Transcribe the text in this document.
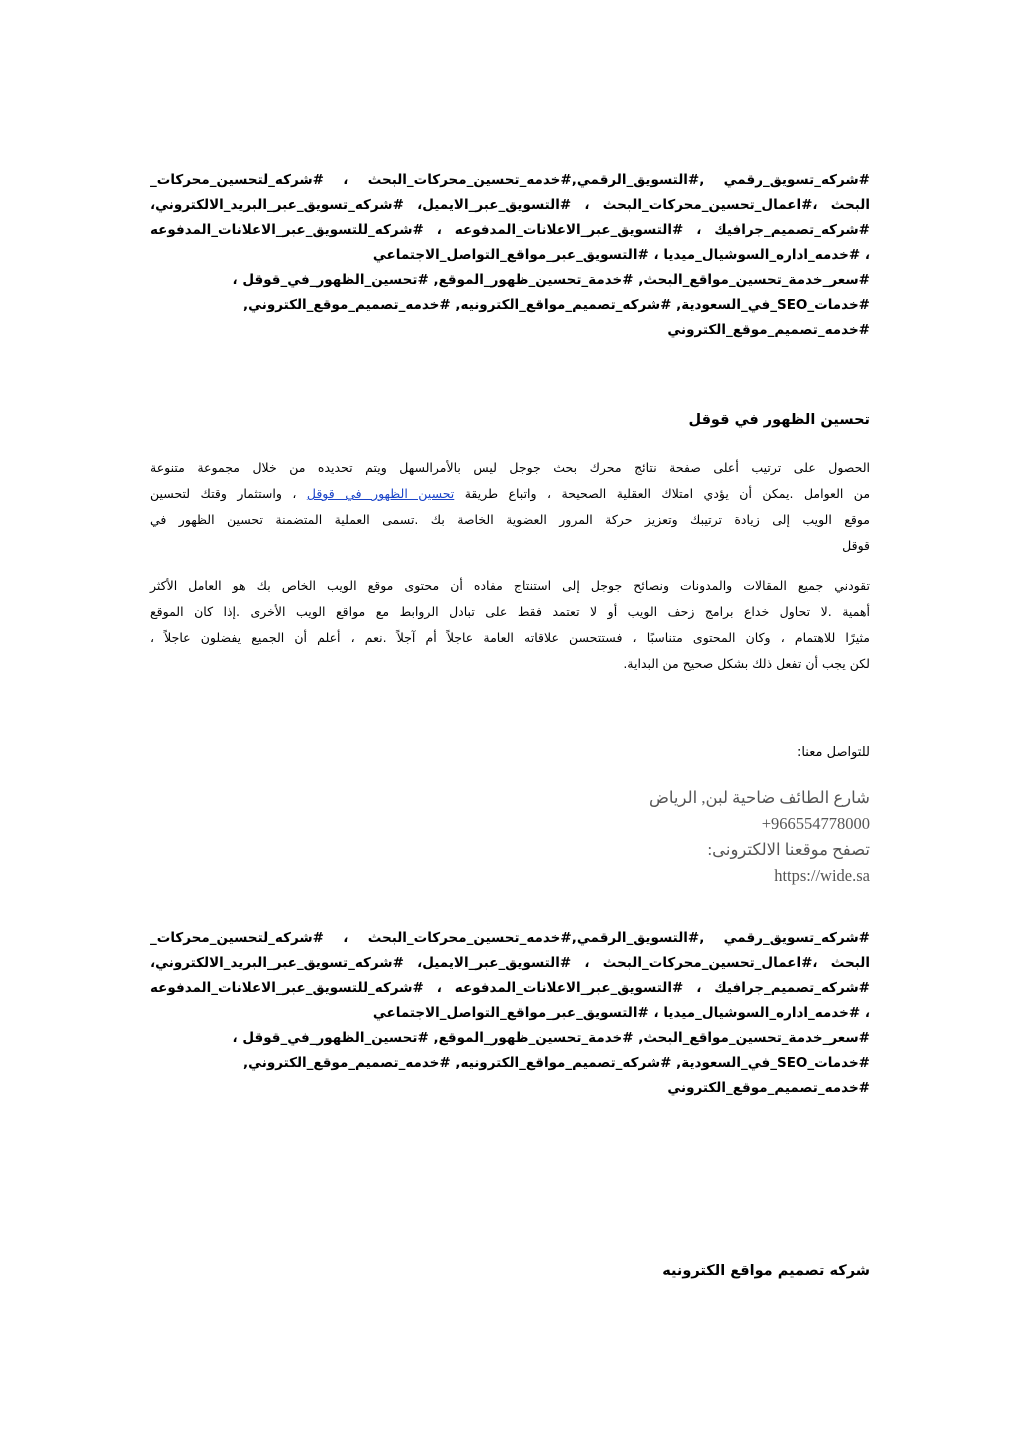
#شركه_تسويق_رقمي ,#التسويق_الرقمي,#خدمه_تحسين_محركات_البحث ، #شركه_لتحسين_محركات_
البحث ،#اعمال_تحسين_محركات_البحث ، #التسويق_عبر_الايميل، #شركه_تسويق_عبر_البريد_الالكتروني،
#شركه_تصميم_جرافيك ، #التسويق_عبر_الاعلانات_المدفوعه ، #شركه_للتسويق_عبر_الاعلانات_المدفوعه
، #خدمه_اداره_السوشيال_ميديا ، #التسويق_عبر_مواقع_التواصل_الاجتماعي
#سعر_خدمة_تحسين_مواقع_البحث, #خدمة_تحسين_ظهور_الموقع, #تحسين_الظهور_في_قوقل ،
#خدمات_SEO_في_السعودية, #شركه_تصميم_مواقع_الكترونيه, #خدمه_تصميم_موقع_الكتروني,
#خدمه_تصميم_موقع_الكتروني
تحسين الظهور في قوقل
الحصول على ترتيب أعلى صفحة نتائج محرك بحث جوجل ليس بالأمرالسهل ويتم تحديده من خلال مجموعة متنوعة
من العوامل .يمكن أن يؤدي امتلاك العقلية الصحيحة ، واتباع طريقة تحسين الظهور في قوقل ، واستثمار وقتك لتحسين
موقع الويب إلى زيادة ترتيبك وتعزيز حركة المرور العضوية الخاصة بك .تسمى العملية المتضمنة تحسين الظهور في
قوقل
تقودني جميع المقالات والمدونات ونصائح جوجل إلى استنتاج مفاده أن محتوى موقع الويب الخاص بك هو العامل الأكثر
أهمية .لا تحاول خداع برامج زحف الويب أو لا تعتمد فقط على تبادل الروابط مع مواقع الويب الأخرى .إذا كان الموقع
مثيرًا للاهتمام ، وكان المحتوى متناسبًا ، فستتحسن علاقاته العامة عاجلاً أم آجلاً .نعم ، أعلم أن الجميع يفضلون عاجلاً ،
لكن يجب أن تفعل ذلك بشكل صحيح من البداية.
للتواصل معنا:
شارع الطائف ضاحية لبن, الرياض
+966554778000
تصفح موقعنا الالكترونى:
https://wide.sa
#شركه_تسويق_رقمي ,#التسويق_الرقمي,#خدمه_تحسين_محركات_البحث ، #شركه_لتحسين_محركات_
البحث ،#اعمال_تحسين_محركات_البحث ، #التسويق_عبر_الايميل، #شركه_تسويق_عبر_البريد_الالكتروني،
#شركه_تصميم_جرافيك ، #التسويق_عبر_الاعلانات_المدفوعه ، #شركه_للتسويق_عبر_الاعلانات_المدفوعه
، #خدمه_اداره_السوشيال_ميديا ، #التسويق_عبر_مواقع_التواصل_الاجتماعي
#سعر_خدمة_تحسين_مواقع_البحث, #خدمة_تحسين_ظهور_الموقع, #تحسين_الظهور_في_قوقل ،
#خدمات_SEO_في_السعودية, #شركه_تصميم_مواقع_الكترونيه, #خدمه_تصميم_موقع_الكتروني,
#خدمه_تصميم_موقع_الكتروني
شركه تصميم مواقع الكترونيه
